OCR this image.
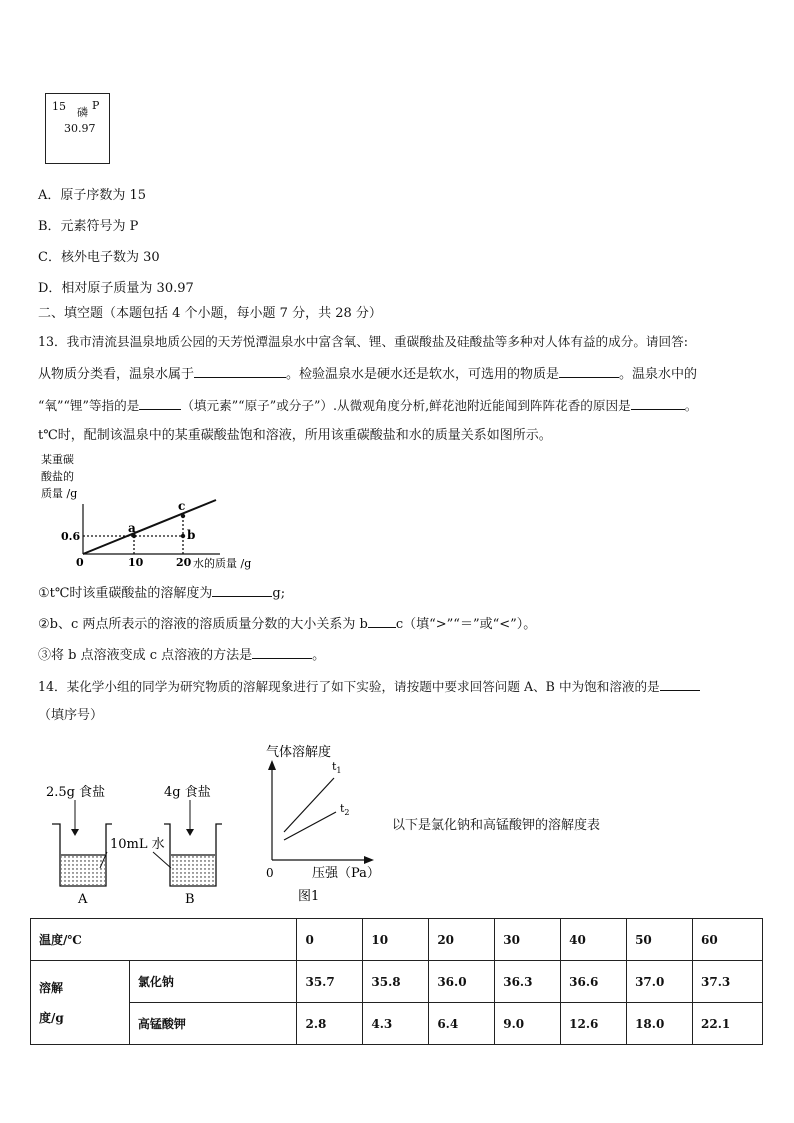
15 磷
P
30.97
A．原子序数为 15
B．元素符号为 P
C．核外电子数为 30
D．相对原子质量为 30.97
二、填空题（本题包括 4 个小题，每小题 7 分，共 28 分）
13．我市清流县温泉地质公园的天芳悦潭温泉水中富含氧、锂、重碳酸盐及硅酸盐等多种对人体有益的成分。请回答:
从物质分类看，温泉水属于	。检验温泉水是硬水还是软水，可选用的物质是	。温泉水中的
“氧”“锂”等指的是	（填元素”“原子”或分子”）.从微观角度分析,鲜花池附近能闻到阵阵花香的原因是	。
t℃时，配制该温泉中的某重碳酸盐饱和溶液，所用该重碳酸盐和水的质量关系如图所示。
某重碳
酸盐的
质量 /g
a	b
c
0.6
0	10	20 水的质量 /g
①t℃时该重碳酸盐的溶解度为	g;
②b、c 两点所表示的溶液的溶质质量分数的大小关系为 b c（填“>”“＝”或“<”）。
③将 b 点溶液变成 c 点溶液的方法是	。
14．某化学小组的同学为研究物质的溶解现象进行了如下实验，请按题中要求回答问题 A、B 中为饱和溶液的是
（填序号）
2.5g 食盐	4g 食盐
10mL 水
A	B
气体溶解度
$t_1$
$t_2$
0	压强（Pa）
图1
以下是氯化钠和高锰酸钾的溶解度表
温度/℃		0	10	20	30	40	50	60

溶解
度/g	氯化钠	35.7	35.8	36.0	36.3	36.6	37.0	37.3
	高锰酸钾	2.8	4.3	6.4	9.0	12.6	18.0	22.1
